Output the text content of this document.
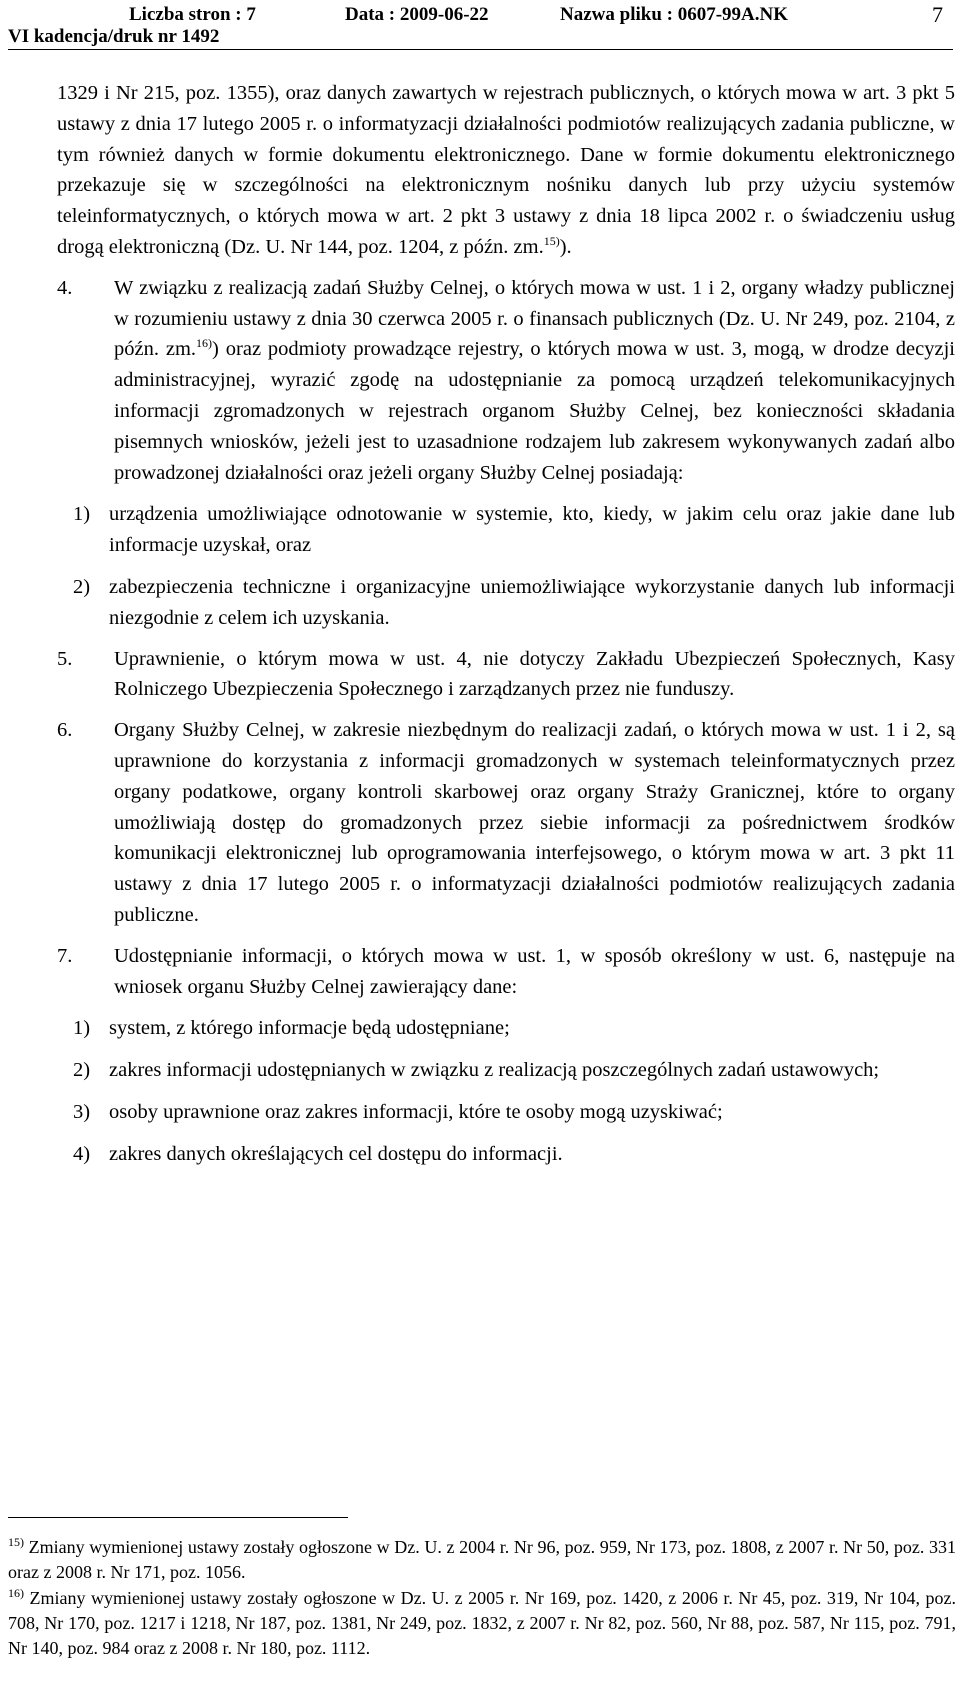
Liczba stron : 7	Data : 2009-06-22	Nazwa pliku : 0607-99A.NK	7
VI kadencja/druk nr 1492

1329 i Nr 215, poz. 1355), oraz danych zawartych w rejestrach publicznych, o których mowa w art. 3 pkt 5 ustawy z dnia 17 lutego 2005 r. o informatyzacji działalności podmiotów realizujących zadania publiczne, w tym również danych w formie dokumentu elektronicznego. Dane w formie dokumentu elektronicznego przekazuje się w szczególności na elektronicznym nośniku danych lub przy użyciu systemów teleinformatycznych, o których mowa w art. 2 pkt 3 ustawy z dnia 18 lipca 2002 r. o świadczeniu usług drogą elektroniczną (Dz. U. Nr 144, poz. 1204, z późn. zm.$^{15)}$).

4. W związku z realizacją zadań Służby Celnej, o których mowa w ust. 1 i 2, organy władzy publicznej w rozumieniu ustawy z dnia 30 czerwca 2005 r. o finansach publicznych (Dz. U. Nr 249, poz. 2104, z późn. zm.$^{16)}$) oraz podmioty prowadzące rejestry, o których mowa w ust. 3, mogą, w drodze decyzji administracyjnej, wyrazić zgodę na udostępnianie za pomocą urządzeń telekomunikacyjnych informacji zgromadzonych w rejestrach organom Służby Celnej, bez konieczności składania pisemnych wniosków, jeżeli jest to uzasadnione rodzajem lub zakresem wykonywanych zadań albo prowadzonej działalności oraz jeżeli organy Służby Celnej posiadają:

1) urządzenia umożliwiające odnotowanie w systemie, kto, kiedy, w jakim celu oraz jakie dane lub informacje uzyskał, oraz
2) zabezpieczenia techniczne i organizacyjne uniemożliwiające wykorzystanie danych lub informacji niezgodnie z celem ich uzyskania.

5. Uprawnienie, o którym mowa w ust. 4, nie dotyczy Zakładu Ubezpieczeń Społecznych, Kasy Rolniczego Ubezpieczenia Społecznego i zarządzanych przez nie funduszy.

6. Organy Służby Celnej, w zakresie niezbędnym do realizacji zadań, o których mowa w ust. 1 i 2, są uprawnione do korzystania z informacji gromadzonych w systemach teleinformatycznych przez organy podatkowe, organy kontroli skarbowej oraz organy Straży Granicznej, które to organy umożliwiają dostęp do gromadzonych przez siebie informacji za pośrednictwem środków komunikacji elektronicznej lub oprogramowania interfejsowego, o którym mowa w art. 3 pkt 11 ustawy z dnia 17 lutego 2005 r. o informatyzacji działalności podmiotów realizujących zadania publiczne.

7. Udostępnianie informacji, o których mowa w ust. 1, w sposób określony w ust. 6, następuje na wniosek organu Służby Celnej zawierający dane:

1) system, z którego informacje będą udostępniane;
2) zakres informacji udostępnianych w związku z realizacją poszczególnych zadań ustawowych;
3) osoby uprawnione oraz zakres informacji, które te osoby mogą uzyskiwać;
4) zakres danych określających cel dostępu do informacji.
$^{15)}$ Zmiany wymienionej ustawy zostały ogłoszone w Dz. U. z 2004 r. Nr 96, poz. 959, Nr 173, poz. 1808, z 2007 r. Nr 50, poz. 331 oraz z 2008 r. Nr 171, poz. 1056.
$^{16)}$ Zmiany wymienionej ustawy zostały ogłoszone w Dz. U. z 2005 r. Nr 169, poz. 1420, z 2006 r. Nr 45, poz. 319, Nr 104, poz. 708, Nr 170, poz. 1217 i 1218, Nr 187, poz. 1381, Nr 249, poz. 1832, z 2007 r. Nr 82, poz. 560, Nr 88, poz. 587, Nr 115, poz. 791, Nr 140, poz. 984 oraz z 2008 r. Nr 180, poz. 1112.
